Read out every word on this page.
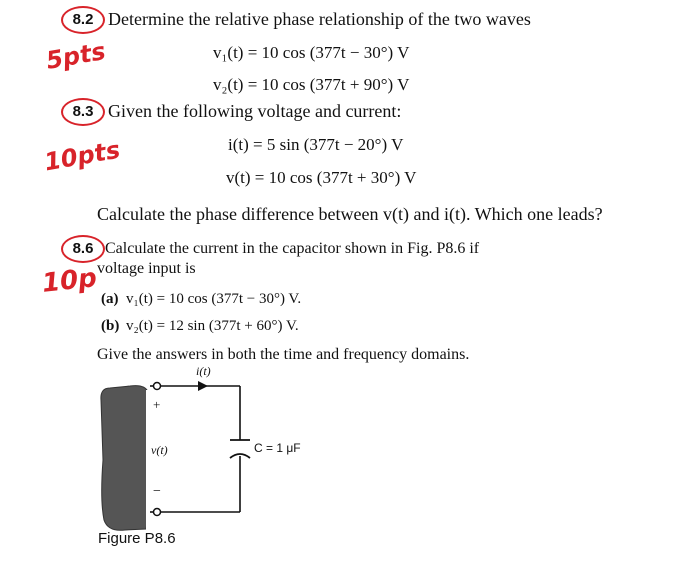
8.2 Determine the relative phase relationship of the two waves
5pts	v₁(t) = 10 cos (377t − 30°) V
v₂(t) = 10 cos (377t + 90°) V
8.3 Given the following voltage and current:
10pts	i(t) = 5 sin (377t − 20°) V
v(t) = 10 cos (377t + 30°) V
Calculate the phase difference between v(t) and i(t). Which one leads?
8.6 Calculate the current in the capacitor shown in Fig. P8.6 if
voltage input is
10p
(a) v₁(t) = 10 cos (377t − 30°) V.
(b) v₂(t) = 12 sin (377t + 60°) V.
Give the answers in both the time and frequency domains.
i(t)
+
v(t)
−
C = 1 μF
Figure P8.6
